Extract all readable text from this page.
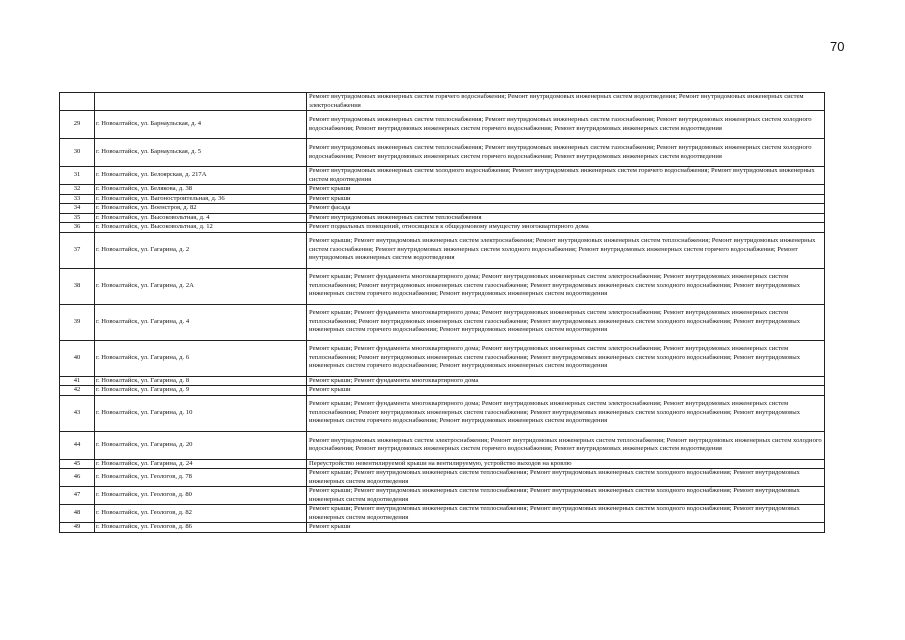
70
		Ремонт внутридомовых инженерных систем горячего водоснабжения; Ремонт внутридомовых инженерных систем водоотведения; Ремонт внутридомовых инженерных систем электроснабжения
29	г. Новоалтайск, ул. Барнаульская, д. 4	Ремонт внутридомовых инженерных систем теплоснабжения; Ремонт внутридомовых инженерных систем газоснабжения; Ремонт внутридомовых инженерных систем холодного водоснабжения; Ремонт внутридомовых инженерных систем горячего водоснабжения; Ремонт внутридомовых инженерных систем водоотведения
30	г. Новоалтайск, ул. Барнаульская, д. 5	Ремонт внутридомовых инженерных систем теплоснабжения; Ремонт внутридомовых инженерных систем газоснабжения; Ремонт внутридомовых инженерных систем холодного водоснабжения; Ремонт внутридомовых инженерных систем горячего водоснабжения; Ремонт внутридомовых инженерных систем водоотведения
31	г. Новоалтайск, ул. Белоярская, д. 217А	Ремонт внутридомовых инженерных систем холодного водоснабжения; Ремонт внутридомовых инженерных систем горячего водоснабжения; Ремонт внутридомовых инженерных систем водоотведения
32	г. Новоалтайск, ул. Белякова, д. 38	Ремонт крыши
33	г. Новоалтайск, ул. Вагоностроительная, д. 36	Ремонт крыши
34	г. Новоалтайск, ул. Военстроя, д. 82	Ремонт фасада
35	г. Новоалтайск, ул. Высоковольтная, д. 4	Ремонт внутридомовых инженерных систем теплоснабжения
36	г. Новоалтайск, ул. Высоковольтная, д. 12	Ремонт подвальных помещений, относящихся к общедомовому имуществу многоквартирного дома
37	г. Новоалтайск, ул. Гагарина, д. 2	Ремонт крыши; Ремонт внутридомовых инженерных систем электроснабжения; Ремонт внутридомовых инженерных систем теплоснабжения; Ремонт внутридомовых инженерных систем газоснабжения; Ремонт внутридомовых инженерных систем холодного водоснабжения; Ремонт внутридомовых инженерных систем горячего водоснабжения; Ремонт внутридомовых инженерных систем водоотведения
38	г. Новоалтайск, ул. Гагарина, д. 2А	Ремонт крыши; Ремонт фундамента многоквартирного дома; Ремонт внутридомовых инженерных систем электроснабжения; Ремонт внутридомовых инженерных систем теплоснабжения; Ремонт внутридомовых инженерных систем газоснабжения; Ремонт внутридомовых инженерных систем холодного водоснабжения; Ремонт внутридомовых инженерных систем горячего водоснабжения; Ремонт внутридомовых инженерных систем водоотведения
39	г. Новоалтайск, ул. Гагарина, д. 4	Ремонт крыши; Ремонт фундамента многоквартирного дома; Ремонт внутридомовых инженерных систем электроснабжения; Ремонт внутридомовых инженерных систем теплоснабжения; Ремонт внутридомовых инженерных систем газоснабжения; Ремонт внутридомовых инженерных систем холодного водоснабжения; Ремонт внутридомовых инженерных систем горячего водоснабжения; Ремонт внутридомовых инженерных систем водоотведения
40	г. Новоалтайск, ул. Гагарина, д. 6	Ремонт крыши; Ремонт фундамента многоквартирного дома; Ремонт внутридомовых инженерных систем электроснабжения; Ремонт внутридомовых инженерных систем теплоснабжения; Ремонт внутридомовых инженерных систем газоснабжения; Ремонт внутридомовых инженерных систем холодного водоснабжения; Ремонт внутридомовых инженерных систем горячего водоснабжения; Ремонт внутридомовых инженерных систем водоотведения
41	г. Новоалтайск, ул. Гагарина, д. 8	Ремонт крыши; Ремонт фундамента многоквартирного дома
42	г. Новоалтайск, ул. Гагарина, д. 9	Ремонт крыши
43	г. Новоалтайск, ул. Гагарина, д. 10	Ремонт крыши; Ремонт фундамента многоквартирного дома; Ремонт внутридомовых инженерных систем электроснабжения; Ремонт внутридомовых инженерных систем теплоснабжения; Ремонт внутридомовых инженерных систем газоснабжения; Ремонт внутридомовых инженерных систем холодного водоснабжения; Ремонт внутридомовых инженерных систем горячего водоснабжения; Ремонт внутридомовых инженерных систем водоотведения
44	г. Новоалтайск, ул. Гагарина, д. 20	Ремонт внутридомовых инженерных систем электроснабжения; Ремонт внутридомовых инженерных систем теплоснабжения; Ремонт внутридомовых инженерных систем холодного водоснабжения; Ремонт внутридомовых инженерных систем горячего водоснабжения; Ремонт внутридомовых инженерных систем водоотведения
45	г. Новоалтайск, ул. Гагарина, д. 24	Переустройство невентилируемой крыши на вентилируемую, устройство выходов на кровлю
46	г. Новоалтайск, ул. Геологов, д. 78	Ремонт крыши; Ремонт внутридомовых инженерных систем теплоснабжения; Ремонт внутридомовых инженерных систем холодного водоснабжения; Ремонт внутридомовых инженерных систем водоотведения
47	г. Новоалтайск, ул. Геологов, д. 80	Ремонт крыши; Ремонт внутридомовых инженерных систем теплоснабжения; Ремонт внутридомовых инженерных систем холодного водоснабжения; Ремонт внутридомовых инженерных систем водоотведения
48	г. Новоалтайск, ул. Геологов, д. 82	Ремонт крыши; Ремонт внутридомовых инженерных систем теплоснабжения; Ремонт внутридомовых инженерных систем холодного водоснабжения; Ремонт внутридомовых инженерных систем водоотведения
49	г. Новоалтайск, ул. Геологов, д. 86	Ремонт крыши
